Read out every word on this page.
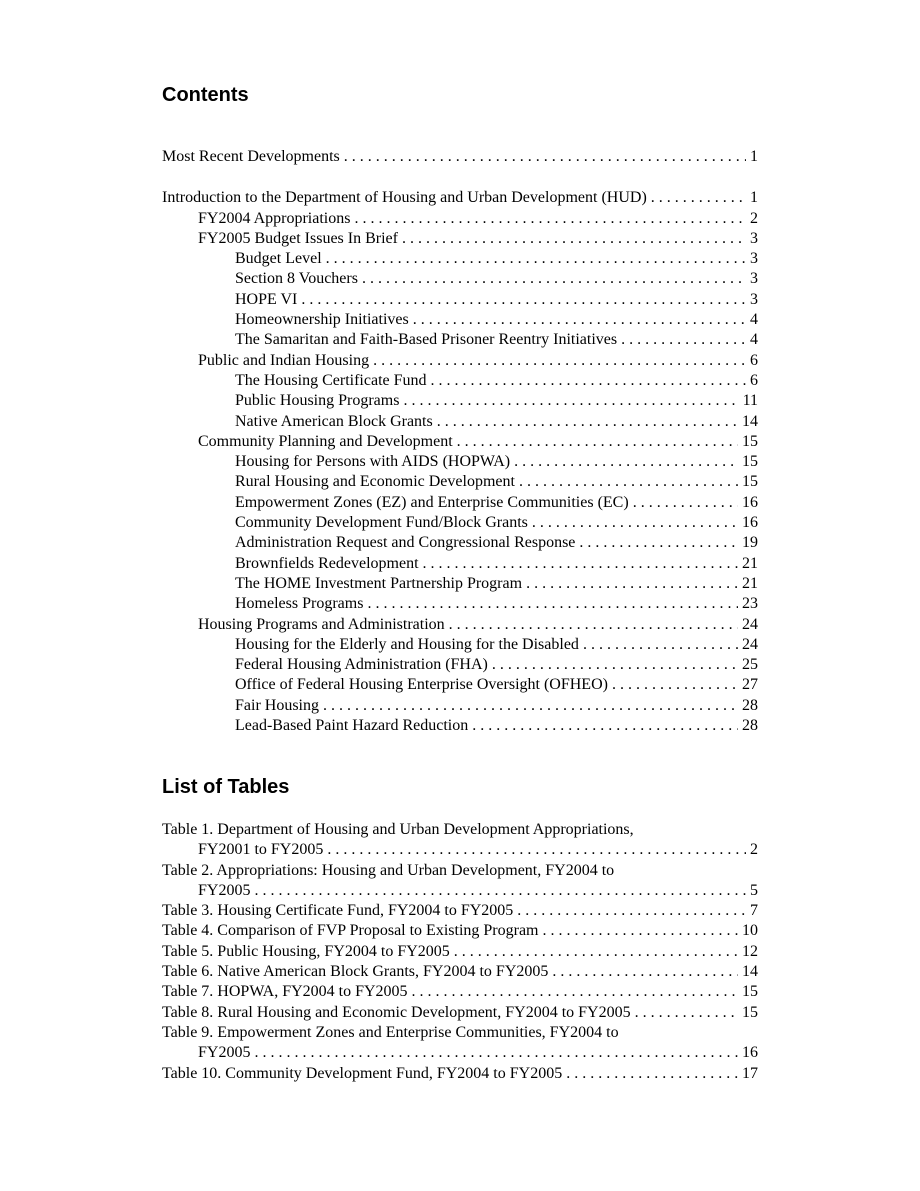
Contents
Most Recent Developments . . .	1
Introduction to the Department of Housing and Urban Development (HUD) . . .	1
FY2004 Appropriations . . .	2
FY2005 Budget Issues In Brief . . .	3
Budget Level . . .	3
Section 8 Vouchers . . .	3
HOPE VI . . .	3
Homeownership Initiatives . . .	4
The Samaritan and Faith-Based Prisoner Reentry Initiatives . . .	4
Public and Indian Housing . . .	6
The Housing Certificate Fund . . .	6
Public Housing Programs . . .	11
Native American Block Grants . . .	14
Community Planning and Development . . .	15
Housing for Persons with AIDS (HOPWA) . . .	15
Rural Housing and Economic Development . . .	15
Empowerment Zones (EZ) and Enterprise Communities (EC) . . .	16
Community Development Fund/Block Grants . . .	16
Administration Request and Congressional Response . . .	19
Brownfields Redevelopment . . .	21
The HOME Investment Partnership Program . . .	21
Homeless Programs . . .	23
Housing Programs and Administration . . .	24
Housing for the Elderly and Housing for the Disabled . . .	24
Federal Housing Administration (FHA) . . .	25
Office of Federal Housing Enterprise Oversight (OFHEO) . . .	27
Fair Housing . . .	28
Lead-Based Paint Hazard Reduction . . .	28
List of Tables
Table 1. Department of Housing and Urban Development Appropriations,
FY2001 to FY2005 . . .	2
Table 2. Appropriations: Housing and Urban Development, FY2004 to
FY2005 . . .	5
Table 3. Housing Certificate Fund, FY2004 to FY2005 . . .	7
Table 4. Comparison of FVP Proposal to Existing Program . . .	10
Table 5. Public Housing, FY2004 to FY2005 . . .	12
Table 6. Native American Block Grants, FY2004 to FY2005 . . .	14
Table 7. HOPWA, FY2004 to FY2005 . . .	15
Table 8. Rural Housing and Economic Development, FY2004 to FY2005 . . .	15
Table 9. Empowerment Zones and Enterprise Communities, FY2004 to
FY2005 . . .	16
Table 10. Community Development Fund, FY2004 to FY2005 . . .	17
